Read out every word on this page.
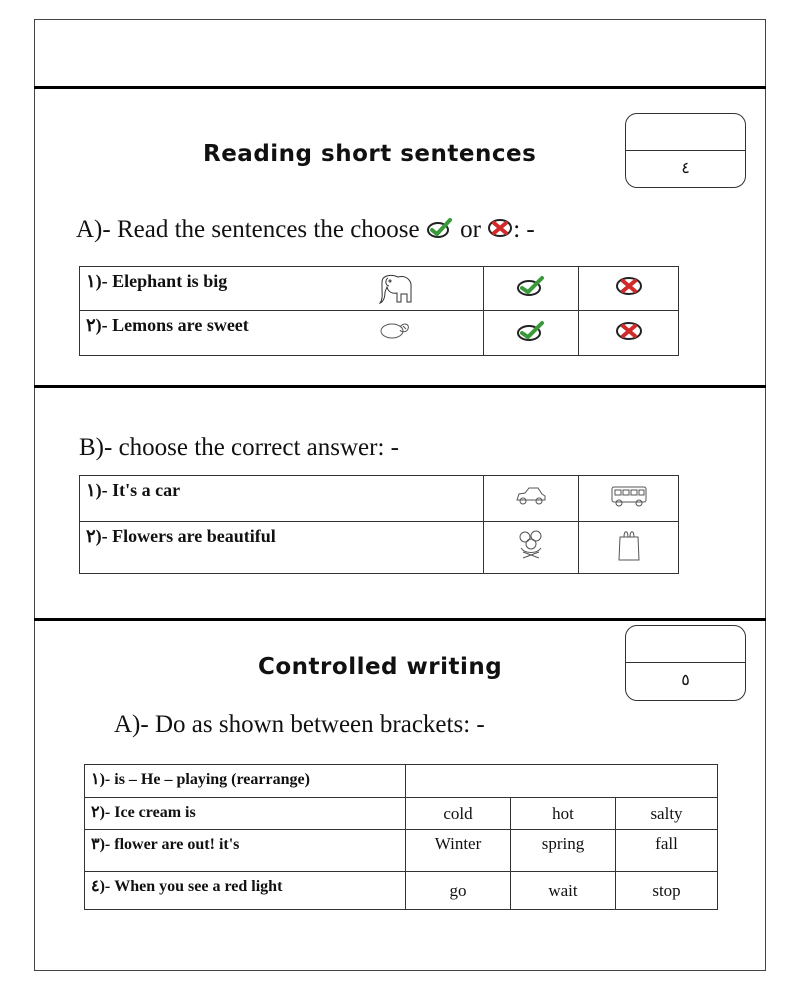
Reading short sentences
٤
A)- Read the sentences the choose or : -
١)- Elephant is big

٢)- Lemons are sweet

B)- choose the correct answer: -
١)- It's a car

٢)- Flowers are beautiful

Controlled writing
٥
A)- Do as shown between brackets: -
١)- is – He – playing (rearrange)			

٢)- Ice cream is	cold	hot	salty

٣)- flower are out! it's	Winter	spring	fall

٤)- When you see a red light	go	wait	stop
